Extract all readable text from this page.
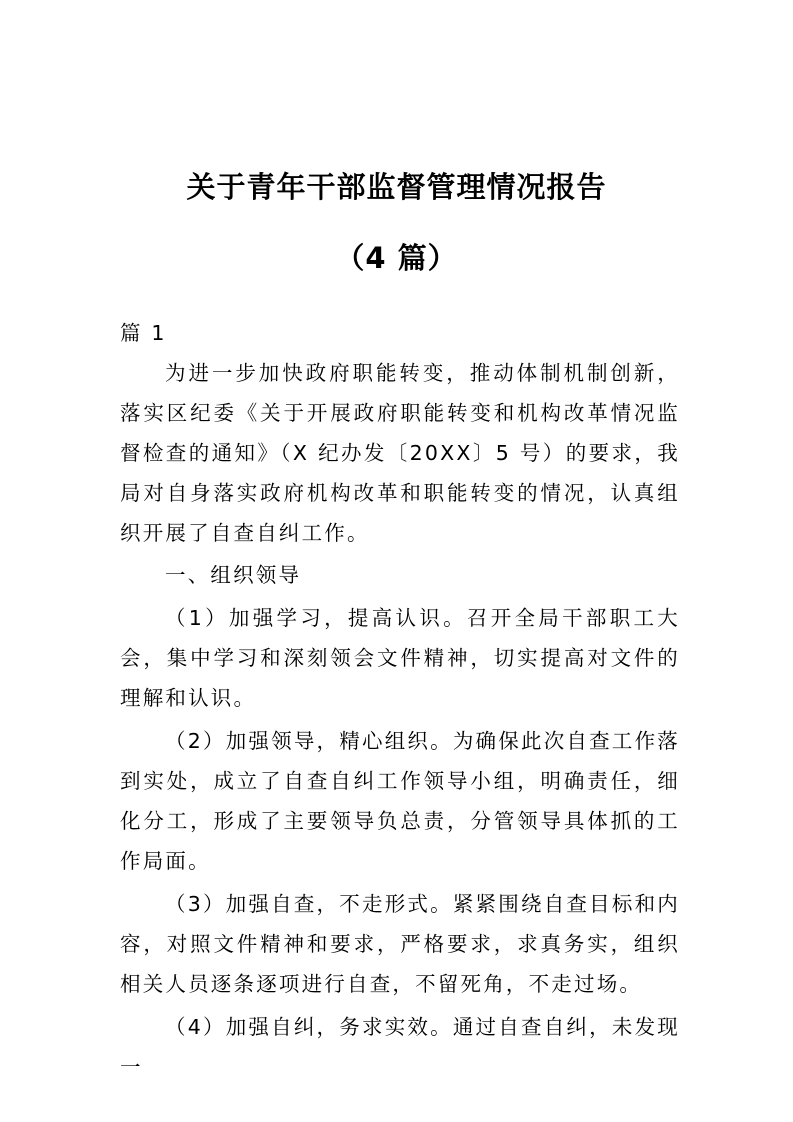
关于青年干部监督管理情况报告
（4 篇）

篇 1

为进一步加快政府职能转变，推动体制机制创新，落实区纪委《关于开展政府职能转变和机构改革情况监督检查的通知》（X 纪办发〔20XX〕5 号）的要求，我局对自身落实政府机构改革和职能转变的情况，认真组织开展了自查自纠工作。

一、组织领导

（1）加强学习，提高认识。召开全局干部职工大会，集中学习和深刻领会文件精神，切实提高对文件的理解和认识。

（2）加强领导，精心组织。为确保此次自查工作落到实处，成立了自查自纠工作领导小组，明确责任，细化分工，形成了主要领导负总责，分管领导具体抓的工作局面。

（3）加强自查，不走形式。紧紧围绕自查目标和内容，对照文件精神和要求，严格要求，求真务实，组织相关人员逐条逐项进行自查，不留死角，不走过场。

（4）加强自纠，务求实效。通过自查自纠，未发现一
